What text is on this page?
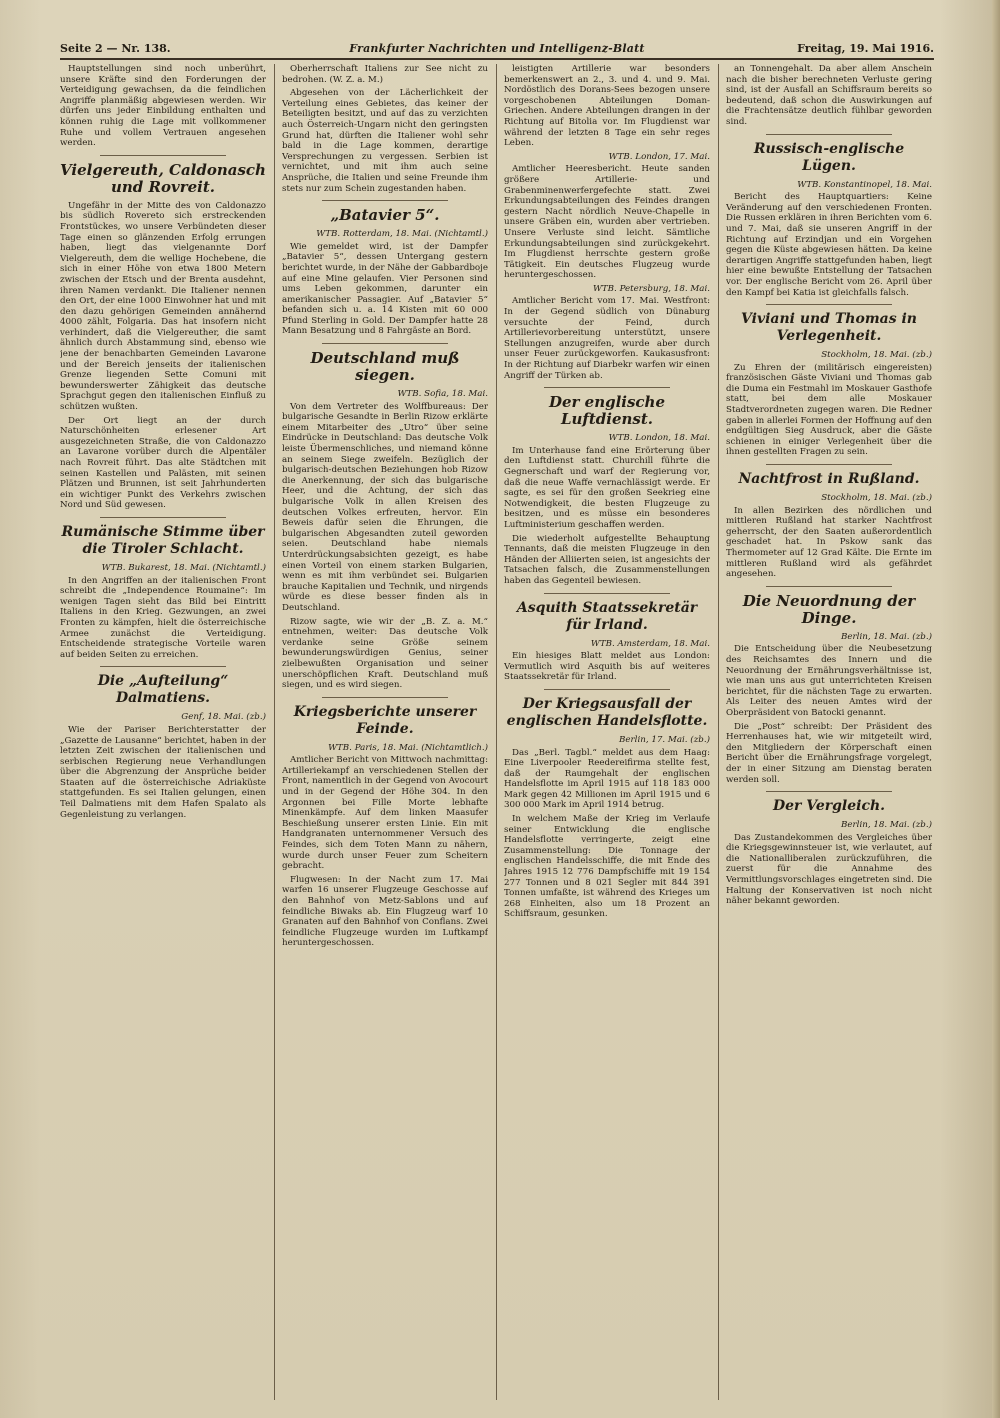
Seite 2 — Nr. 138.	Frankfurter Nachrichten und Intelligenz-Blatt	Freitag, 19. Mai 1916.

Hauptstellungen sind noch unberührt, unsere Kräfte sind den Forderungen der Verteidigung gewachsen, da die feindlichen Angriffe planmäßig abgewiesen werden. Wir dürfen uns jeder Einbildung enthalten und können ruhig die Lage mit vollkommener Ruhe und vollem Vertrauen angesehen werden.

Vielgereuth, Caldonasch und Rovreit.

Ungefähr in der Mitte des von Caldonazzo bis südlich Rovereto sich erstreckenden Frontstückes, wo unsere Verbündeten dieser Tage einen so glänzenden Erfolg errungen haben, liegt das vielgenannte Dorf Vielgereuth, dem die wellige Hochebene, die sich in einer Höhe von etwa 1800 Metern zwischen der Etsch und der Brenta ausdehnt, ihren Namen verdankt. Die Italiener nennen den Ort, der eine 1000 Einwohner hat und mit den dazu gehörigen Gemeinden annähernd 4000 zählt, Folgaria. Das hat insofern nicht verhindert, daß die Vielgereuther, die samt ähnlich durch Abstammung sind, ebenso wie jene der benachbarten Gemeinden Lavarone und der Bereich jenseits der italienischen Grenze liegenden Sette Comuni mit bewunderswerter Zähigkeit das deutsche Sprachgut gegen den italienischen Einfluß zu schützen wußten.

Der Ort liegt an der durch Naturschönheiten erlesener Art ausgezeichneten Straße, die von Caldonazzo an Lavarone vorüber durch die Alpentäler nach Rovreit führt. Das alte Städtchen mit seinen Kastellen und Palästen, mit seinen Plätzen und Brunnen, ist seit Jahrhunderten ein wichtiger Punkt des Verkehrs zwischen Nord und Süd gewesen.

Rumänische Stimme über die Tiroler Schlacht.
WTB. Bukarest, 18. Mai. (Nichtamtl.)

In den Angriffen an der italienischen Front schreibt die „Independence Roumaine“: Im wenigen Tagen sieht das Bild bei Eintritt Italiens in den Krieg. Gezwungen, an zwei Fronten zu kämpfen, hielt die österreichische Armee zunächst die Verteidigung. Entscheidende strategische Vorteile waren auf beiden Seiten zu erreichen.

Die „Aufteilung“ Dalmatiens.
Genf, 18. Mai. (zb.)

Wie der Pariser Berichterstatter der „Gazette de Lausanne“ berichtet, haben in der letzten Zeit zwischen der italienischen und serbischen Regierung neue Verhandlungen über die Abgrenzung der Ansprüche beider Staaten auf die österreichische Adriaküste stattgefunden. Es sei Italien gelungen, einen Teil Dalmatiens mit dem Hafen Spalato als Gegenleistung zu verlangen.

Oberherrschaft Italiens zur See nicht zu bedrohen. (W. Z. a. M.)

Abgesehen von der Lächerlichkeit der Verteilung eines Gebietes, das keiner der Beteiligten besitzt, und auf das zu verzichten auch Österreich-Ungarn nicht den geringsten Grund hat, dürften die Italiener wohl sehr bald in die Lage kommen, derartige Versprechungen zu vergessen. Serbien ist vernichtet, und mit ihm auch seine Ansprüche, die Italien und seine Freunde ihm stets nur zum Schein zugestanden haben.

„Batavier 5“.
WTB. Rotterdam, 18. Mai. (Nichtamtl.)

Wie gemeldet wird, ist der Dampfer „Batavier 5“, dessen Untergang gestern berichtet wurde, in der Nähe der Gabbardboje auf eine Mine gelaufen. Vier Personen sind ums Leben gekommen, darunter ein amerikanischer Passagier. Auf „Batavier 5“ befanden sich u. a. 14 Kisten mit 60 000 Pfund Sterling in Gold. Der Dampfer hatte 28 Mann Besatzung und 8 Fahrgäste an Bord.

Deutschland muß siegen.
WTB. Sofia, 18. Mai.

Von dem Vertreter des Wolffbureaus: Der bulgarische Gesandte in Berlin Rizow erklärte einem Mitarbeiter des „Utro“ über seine Eindrücke in Deutschland: Das deutsche Volk leiste Übermenschliches, und niemand könne an seinem Siege zweifeln. Bezüglich der bulgarisch-deutschen Beziehungen hob Rizow die Anerkennung, der sich das bulgarische Heer, und die Achtung, der sich das bulgarische Volk in allen Kreisen des deutschen Volkes erfreuten, hervor. Ein Beweis dafür seien die Ehrungen, die bulgarischen Abgesandten zuteil geworden seien. Deutschland habe niemals Unterdrückungsabsichten gezeigt, es habe einen Vorteil von einem starken Bulgarien, wenn es mit ihm verbündet sei. Bulgarien brauche Kapitalien und Technik, und nirgends würde es diese besser finden als in Deutschland.

Rizow sagte, wie wir der „B. Z. a. M.“ entnehmen, weiter: Das deutsche Volk verdanke seine Größe seinem bewunderungswürdigen Genius, seiner zielbewußten Organisation und seiner unerschöpflichen Kraft. Deutschland muß siegen, und es wird siegen.

Kriegsberichte unserer Feinde.
WTB. Paris, 18. Mai. (Nichtamtlich.)

Amtlicher Bericht von Mittwoch nachmittag: Artilleriekampf an verschiedenen Stellen der Front, namentlich in der Gegend von Avocourt und in der Gegend der Höhe 304. In den Argonnen bei Fille Morte lebhafte Minenkämpfe. Auf dem linken Maasufer Beschießung unserer ersten Linie. Ein mit Handgranaten unternommener Versuch des Feindes, sich dem Toten Mann zu nähern, wurde durch unser Feuer zum Scheitern gebracht.

Flugwesen: In der Nacht zum 17. Mai warfen 16 unserer Flugzeuge Geschosse auf den Bahnhof von Metz-Sablons und auf feindliche Biwaks ab. Ein Flugzeug warf 10 Granaten auf den Bahnhof von Conflans. Zwei feindliche Flugzeuge wurden im Luftkampf heruntergeschossen.

leistigten Artillerie war besonders bemerkenswert an 2., 3. und 4. und 9. Mai. Nordöstlich des Dorans-Sees bezogen unsere vorgeschobenen Abteilungen Doman-Griechen. Andere Abteilungen drangen in der Richtung auf Bitolia vor. Im Flugdienst war während der letzten 8 Tage ein sehr reges Leben.

WTB. London, 17. Mai.

Amtlicher Heeresbericht. Heute sanden größere Artillerie- und Grabenminenwerfergefechte statt. Zwei Erkundungsabteilungen des Feindes drangen gestern Nacht nördlich Neuve-Chapelle in unsere Gräben ein, wurden aber vertrieben. Unsere Verluste sind leicht. Sämtliche Erkundungsabteilungen sind zurückgekehrt. Im Flugdienst herrschte gestern große Tätigkeit. Ein deutsches Flugzeug wurde heruntergeschossen.

WTB. Petersburg, 18. Mai.

Amtlicher Bericht vom 17. Mai. Westfront: In der Gegend südlich von Dünaburg versuchte der Feind, durch Artillerievorbereitung unterstützt, unsere Stellungen anzugreifen, wurde aber durch unser Feuer zurückgeworfen. Kaukasusfront: In der Richtung auf Diarbekr warfen wir einen Angriff der Türken ab.

Der englische Luftdienst.
WTB. London, 18. Mai.

Im Unterhause fand eine Erörterung über den Luftdienst statt. Churchill führte die Gegnerschaft und warf der Regierung vor, daß die neue Waffe vernachlässigt werde. Er sagte, es sei für den großen Seekrieg eine Notwendigkeit, die besten Flugzeuge zu besitzen, und es müsse ein besonderes Luftministerium geschaffen werden.

Die wiederholt aufgestellte Behauptung Tennants, daß die meisten Flugzeuge in den Händen der Alliierten seien, ist angesichts der Tatsachen falsch, die Zusammenstellungen haben das Gegenteil bewiesen.

Asquith Staatssekretär für Irland.
WTB. Amsterdam, 18. Mai.

Ein hiesiges Blatt meldet aus London: Vermutlich wird Asquith bis auf weiteres Staatssekretär für Irland.

Der Kriegsausfall der englischen Handelsflotte.
Berlin, 17. Mai. (zb.)

Das „Berl. Tagbl.“ meldet aus dem Haag: Eine Liverpooler Reedereifirma stellte fest, daß der Raumgehalt der englischen Handelsflotte im April 1915 auf 118 183 000 Mark gegen 42 Millionen im April 1915 und 6 300 000 Mark im April 1914 betrug.

In welchem Maße der Krieg im Verlaufe seiner Entwicklung die englische Handelsflotte verringerte, zeigt eine Zusammenstellung: Die Tonnage der englischen Handelsschiffe, die mit Ende des Jahres 1915 12 776 Dampfschiffe mit 19 154 277 Tonnen und 8 021 Segler mit 844 391 Tonnen umfaßte, ist während des Krieges um 268 Einheiten, also um 18 Prozent an Schiffsraum, gesunken.

an Tonnengehalt. Da aber allem Anschein nach die bisher berechneten Verluste gering sind, ist der Ausfall an Schiffsraum bereits so bedeutend, daß schon die Auswirkungen auf die Frachtensätze deutlich fühlbar geworden sind.

Russisch-englische Lügen.
WTB. Konstantinopel, 18. Mai.

Bericht des Hauptquartiers: Keine Veränderung auf den verschiedenen Fronten. Die Russen erklären in ihren Berichten vom 6. und 7. Mai, daß sie unseren Angriff in der Richtung auf Erzindjan und ein Vorgehen gegen die Küste abgewiesen hätten. Da keine derartigen Angriffe stattgefunden haben, liegt hier eine bewußte Entstellung der Tatsachen vor. Der englische Bericht vom 26. April über den Kampf bei Katia ist gleichfalls falsch.

Viviani und Thomas in Verlegenheit.
Stockholm, 18. Mai. (zb.)

Zu Ehren der (militärisch eingereisten) französischen Gäste Viviani und Thomas gab die Duma ein Festmahl im Moskauer Gasthofe statt, bei dem alle Moskauer Stadtverordneten zugegen waren. Die Redner gaben in allerlei Formen der Hoffnung auf den endgültigen Sieg Ausdruck, aber die Gäste schienen in einiger Verlegenheit über die ihnen gestellten Fragen zu sein.

Nachtfrost in Rußland.
Stockholm, 18. Mai. (zb.)

In allen Bezirken des nördlichen und mittleren Rußland hat starker Nachtfrost geherrscht, der den Saaten außerordentlich geschadet hat. In Pskow sank das Thermometer auf 12 Grad Kälte. Die Ernte im mittleren Rußland wird als gefährdet angesehen.

Die Neuordnung der Dinge.
Berlin, 18. Mai. (zb.)

Die Entscheidung über die Neubesetzung des Reichsamtes des Innern und die Neuordnung der Ernährungsverhältnisse ist, wie man uns aus gut unterrichteten Kreisen berichtet, für die nächsten Tage zu erwarten. Als Leiter des neuen Amtes wird der Oberpräsident von Batocki genannt.

Die „Post“ schreibt: Der Präsident des Herrenhauses hat, wie wir mitgeteilt wird, den Mitgliedern der Körperschaft einen Bericht über die Ernährungsfrage vorgelegt, der in einer Sitzung am Dienstag beraten werden soll.

Der Vergleich.
Berlin, 18. Mai. (zb.)

Das Zustandekommen des Vergleiches über die Kriegsgewinnsteuer ist, wie verlautet, auf die Nationalliberalen zurückzuführen, die zuerst für die Annahme des Vermittlungsvorschlages eingetreten sind. Die Haltung der Konservativen ist noch nicht näher bekannt geworden.
